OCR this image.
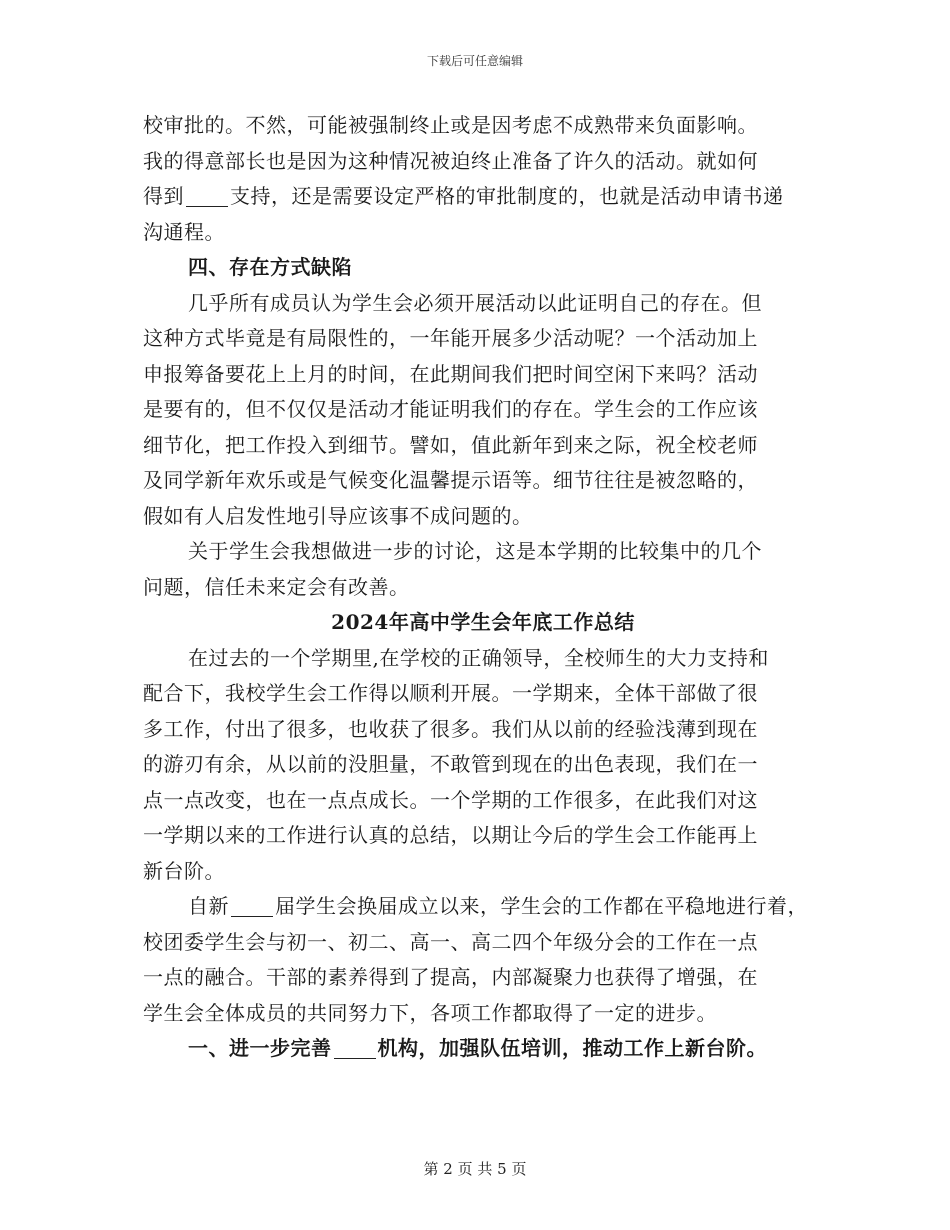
下载后可任意编辑
校审批的。不然，可能被强制终止或是因考虑不成熟带来负面影响。
我的得意部长也是因为这种情况被迫终止准备了许久的活动。就如何
得到 支持，还是需要设定严格的审批制度的，也就是活动申请书递
沟通程。
四、存在方式缺陷
几乎所有成员认为学生会必须开展活动以此证明自己的存在。但
这种方式毕竟是有局限性的，一年能开展多少活动呢？一个活动加上
申报筹备要花上上月的时间，在此期间我们把时间空闲下来吗？活动
是要有的，但不仅仅是活动才能证明我们的存在。学生会的工作应该
细节化，把工作投入到细节。譬如，值此新年到来之际，祝全校老师
及同学新年欢乐或是气候变化温馨提示语等。细节往往是被忽略的，
假如有人启发性地引导应该事不成问题的。
关于学生会我想做进一步的讨论，这是本学期的比较集中的几个
问题，信任未来定会有改善。
2024年高中学生会年底工作总结
在过去的一个学期里,在学校的正确领导，全校师生的大力支持和
配合下，我校学生会工作得以顺利开展。一学期来，全体干部做了很
多工作，付出了很多，也收获了很多。我们从以前的经验浅薄到现在
的游刃有余，从以前的没胆量，不敢管到现在的出色表现，我们在一
点一点改变，也在一点点成长。一个学期的工作很多，在此我们对这
一学期以来的工作进行认真的总结，以期让今后的学生会工作能再上
新台阶。
自新 届学生会换届成立以来，学生会的工作都在平稳地进行着，
校团委学生会与初一、初二、高一、高二四个年级分会的工作在一点
一点的融合。干部的素养得到了提高，内部凝聚力也获得了增强，在
学生会全体成员的共同努力下，各项工作都取得了一定的进步。
一、进一步完善 机构，加强队伍培训，推动工作上新台阶。
第 2 页 共 5 页
